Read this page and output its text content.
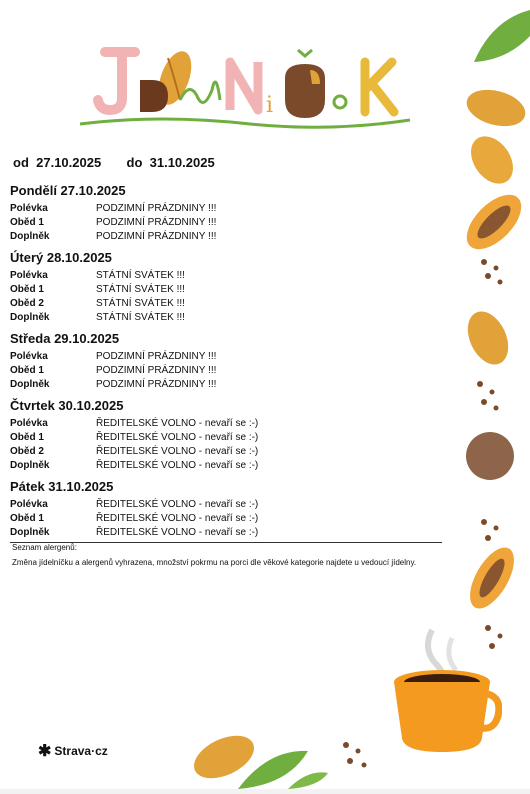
i
od 27.10.2025 do 31.10.2025
Pondělí 27.10.2025
Polévka	PODZIMNÍ PRÁZDNINY !!!
Oběd 1	PODZIMNÍ PRÁZDNINY !!!
Doplněk	PODZIMNÍ PRÁZDNINY !!!
Úterý 28.10.2025
Polévka	STÁTNÍ SVÁTEK !!!
Oběd 1	STÁTNÍ SVÁTEK !!!
Oběd 2	STÁTNÍ SVÁTEK !!!
Doplněk	STÁTNÍ SVÁTEK !!!
Středa 29.10.2025
Polévka	PODZIMNÍ PRÁZDNINY !!!
Oběd 1	PODZIMNÍ PRÁZDNINY !!!
Doplněk	PODZIMNÍ PRÁZDNINY !!!
Čtvrtek 30.10.2025
Polévka	ŘEDITELSKÉ VOLNO - nevaří se :-)
Oběd 1	ŘEDITELSKÉ VOLNO - nevaří se :-)
Oběd 2	ŘEDITELSKÉ VOLNO - nevaří se :-)
Doplněk	ŘEDITELSKÉ VOLNO - nevaří se :-)
Pátek 31.10.2025
Polévka	ŘEDITELSKÉ VOLNO - nevaří se :-)
Oběd 1	ŘEDITELSKÉ VOLNO - nevaří se :-)
Doplněk	ŘEDITELSKÉ VOLNO - nevaří se :-)
Seznam alergenů:
Změna jídelníčku a alergenů vyhrazena, množství pokrmu na porci dle věkové kategorie najdete u vedoucí jídelny.
✱ Strava·cz
